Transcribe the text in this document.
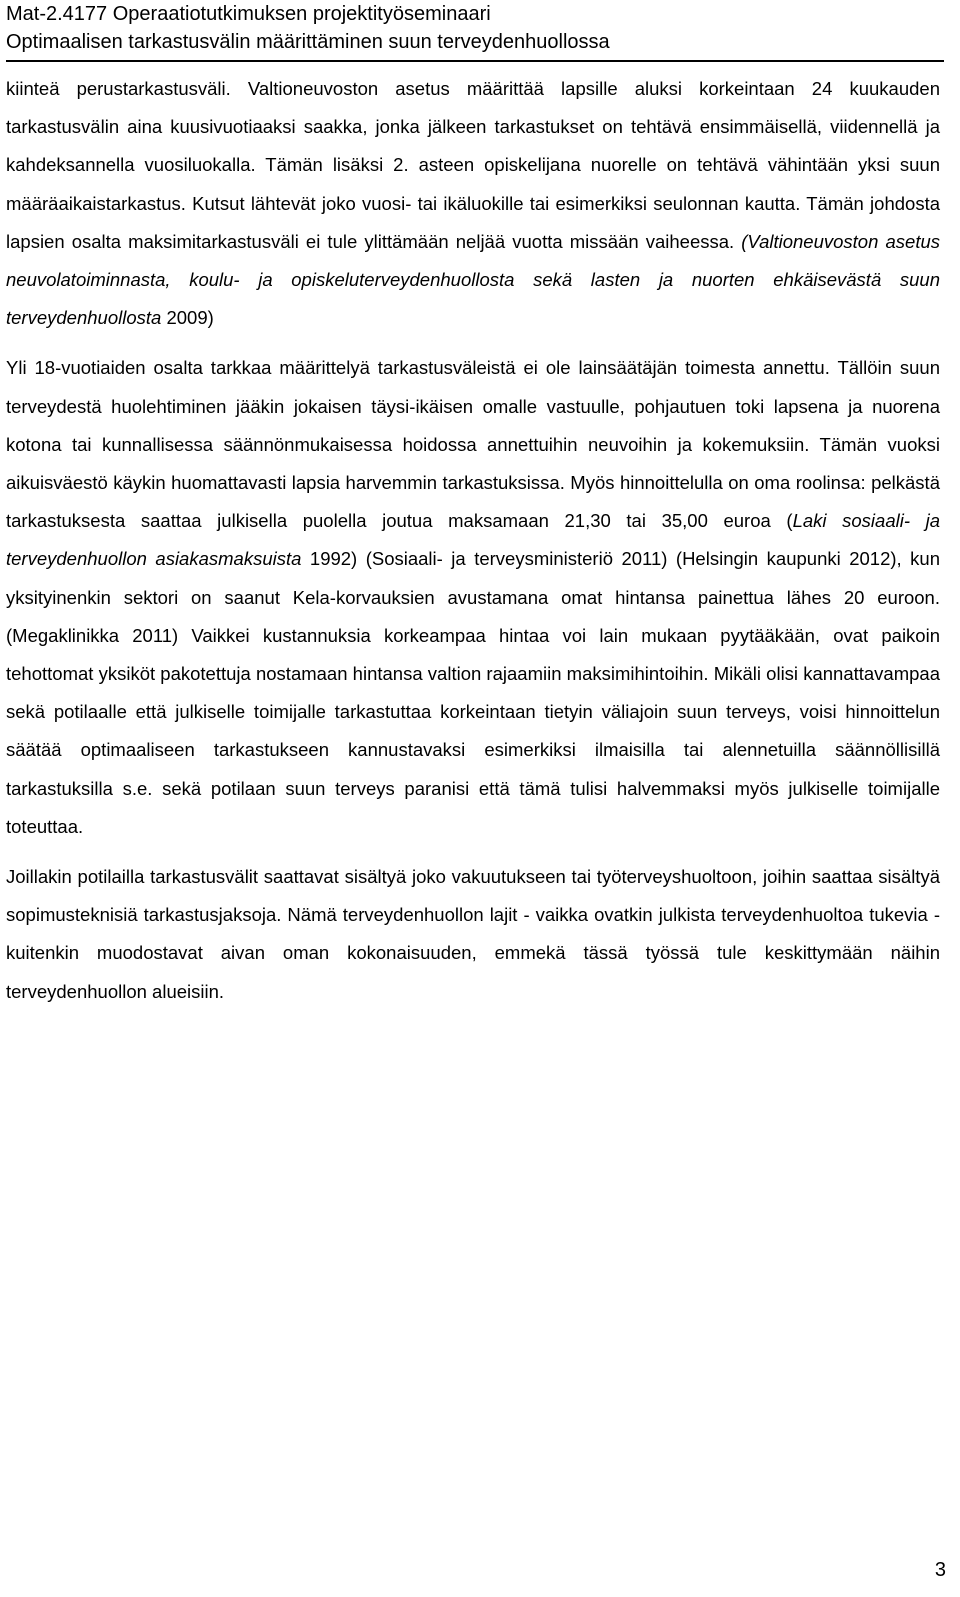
Mat-2.4177 Operaatiotutkimuksen projektityöseminaari
Optimaalisen tarkastusvälin määrittäminen suun terveydenhuollossa

kiinteä perustarkastusväli. Valtioneuvoston asetus määrittää lapsille aluksi korkeintaan 24 kuukauden tarkastusvälin aina kuusivuotiaaksi saakka, jonka jälkeen tarkastukset on tehtävä ensimmäisellä, viidennellä ja kahdeksannella vuosiluokalla. Tämän lisäksi 2. asteen opiskelijana nuorelle on tehtävä vähintään yksi suun määräaikaistarkastus. Kutsut lähtevät joko vuosi- tai ikäluokille tai esimerkiksi seulonnan kautta. Tämän johdosta lapsien osalta maksimitarkastusväli ei tule ylittämään neljää vuotta missään vaiheessa. (Valtioneuvoston asetus neuvolatoiminnasta, koulu- ja opiskeluterveydenhuollosta sekä lasten ja nuorten ehkäisevästä suun terveydenhuollosta 2009)

Yli 18-vuotiaiden osalta tarkkaa määrittelyä tarkastusväleistä ei ole lainsäätäjän toimesta annettu. Tällöin suun terveydestä huolehtiminen jääkin jokaisen täysi-ikäisen omalle vastuulle, pohjautuen toki lapsena ja nuorena kotona tai kunnallisessa säännönmukaisessa hoidossa annettuihin neuvoihin ja kokemuksiin. Tämän vuoksi aikuisväestö käykin huomattavasti lapsia harvemmin tarkastuksissa. Myös hinnoittelulla on oma roolinsa: pelkästä tarkastuksesta saattaa julkisella puolella joutua maksamaan 21,30 tai 35,00 euroa (Laki sosiaali- ja terveydenhuollon asiakasmaksuista 1992) (Sosiaali- ja terveysministeriö 2011) (Helsingin kaupunki 2012), kun yksityinenkin sektori on saanut Kela-korvauksien avustamana omat hintansa painettua lähes 20 euroon. (Megaklinikka 2011) Vaikkei kustannuksia korkeampaa hintaa voi lain mukaan pyytääkään, ovat paikoin tehottomat yksiköt pakotettuja nostamaan hintansa valtion rajaamiin maksimihintoihin. Mikäli olisi kannattavampaa sekä potilaalle että julkiselle toimijalle tarkastuttaa korkeintaan tietyin väliajoin suun terveys, voisi hinnoittelun säätää optimaaliseen tarkastukseen kannustavaksi esimerkiksi ilmaisilla tai alennetuilla säännöllisillä tarkastuksilla s.e. sekä potilaan suun terveys paranisi että tämä tulisi halvemmaksi myös julkiselle toimijalle toteuttaa.

Joillakin potilailla tarkastusvälit saattavat sisältyä joko vakuutukseen tai työterveyshuoltoon, joihin saattaa sisältyä sopimusteknisiä tarkastusjaksoja. Nämä terveydenhuollon lajit - vaikka ovatkin julkista terveydenhuoltoa tukevia - kuitenkin muodostavat aivan oman kokonaisuuden, emmekä tässä työssä tule keskittymään näihin terveydenhuollon alueisiin.

3
